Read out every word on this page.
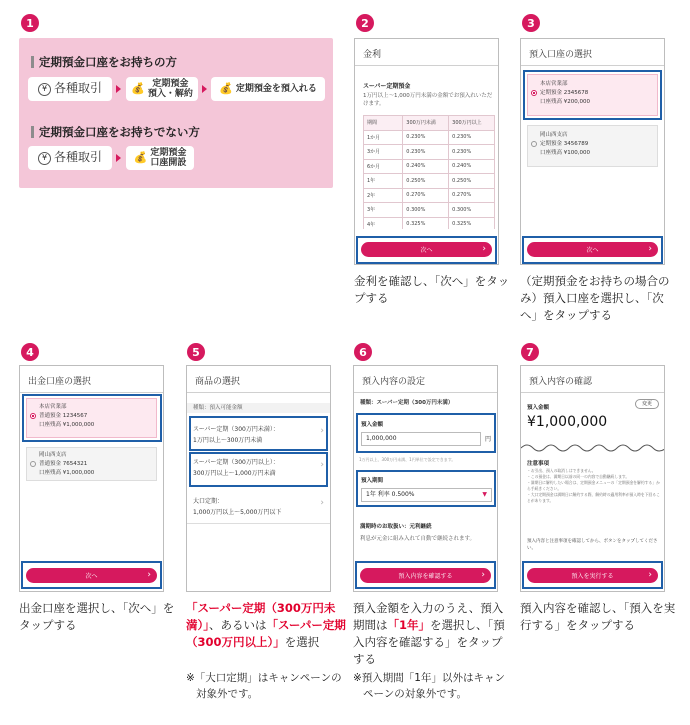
1	2	3
4	5	6	7
定期預金口座をお持ちの方
¥ 各種取引	💰 定期預金
預入・解約 💰 定期預金を預入れる
定期預金口座をお持ちでない方
¥ 各種取引	💰 定期預金
口座開設
金利
スーパー定期預金
1万円以上〜1,000万円未満の金額でお預入れいただけます。
期間	300万円未満	300万円以上
1か月	0.230%	0.230%
3か月	0.230%	0.230%
6か月	0.240%	0.240%
1年	0.250%	0.250%
2年	0.270%	0.270%
3年	0.300%	0.300%
4年	0.325%	0.325%
次へ ›
金利を確認し、「次へ」をタップする
預入口座の選択
本店営業部

定期預金 2345678
口座残高 ¥200,000
岡山西支店

定期預金 3456789
口座残高 ¥100,000
次へ ›
（定期預金をお持ちの場合のみ）預入口座を選択し、「次へ」をタップする
出金口座の選択
本店営業部

普通預金 1234567
口座残高 ¥1,000,000
岡山西支店

普通預金 7654321
口座残高 ¥1,000,000
次へ ›
出金口座を選択し、「次へ」をタップする
商品の選択
種類：預入可能金額
スーパー定期（300万円未満）：
1万円以上〜300万円未満
›
スーパー定期（300万円以上）：
300万円以上〜1,000万円未満
›
大口定期：
1,000万円以上〜5,000万円以下
›
「スーパー定期（300万円未満）」、あるいは「スーパー定期（300万円以上）」を選択
※「大口定期」はキャンペーンの対象外です。
預入内容の設定
種類：スーパー定期（300万円未満）
預入金額
1,000,000	円
1万円以上、300万円未満、1円単位で設定できます。
預入期間
1年 利率 0.500%	▼
満期時のお取扱い：元利継続
利息が元金に組み入れて自動で継続されます。
預入内容を確認する ›
預入金額を入力のうえ、預入期間は「1年」を選択し、「預入内容を確認する」をタップする
※預入期間「1年」以外はキャンペーンの対象外です。
預入内容の確認
預入金額
変更
¥1,000,000
注意事項
・お引出、預入の取消しはできません。
・この預金は、満期日以前の同一の内容で自動継続します。
・満期日に解約したい場合は、定期預金メニューの「定期預金を解約する」から手続きください。
・大口定期預金は満期日に解約する際、解約時の適用利率が預入時を下回ることがあります。
預入内容と注意事項を確認してから、ボタンをタップしてください。
預入を実行する ›
預入内容を確認し、「預入を実行する」をタップする
